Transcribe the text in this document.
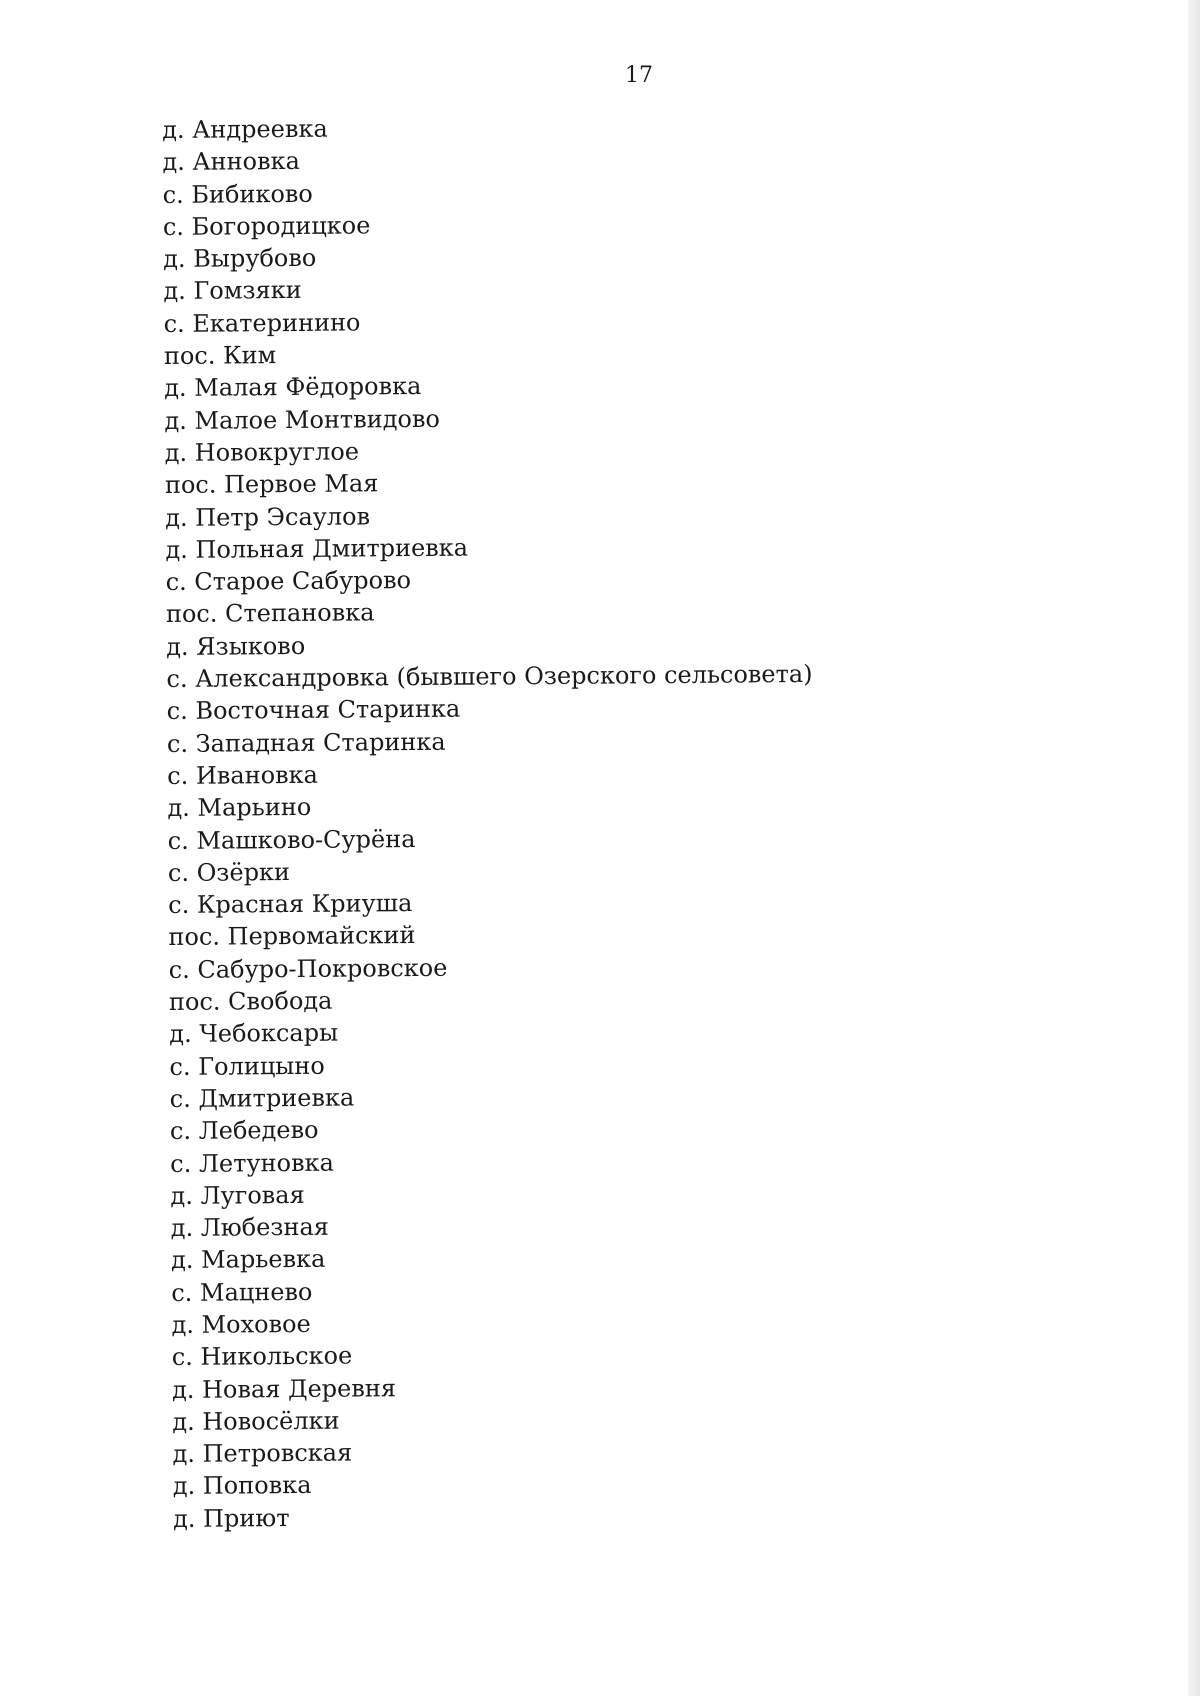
17
д. Андреевка
д. Анновка
с. Бибиково
с. Богородицкое
д. Вырубово
д. Гомзяки
с. Екатеринино
пос. Ким
д. Малая Фёдоровка
д. Малое Монтвидово
д. Новокруглое
пос. Первое Мая
д. Петр Эсаулов
д. Польная Дмитриевка
с. Старое Сабурово
пос. Степановка
д. Языково
с. Александровка (бывшего Озерского сельсовета)
с. Восточная Старинка
с. Западная Старинка
с. Ивановка
д. Марьино
с. Машково-Сурёна
с. Озёрки
с. Красная Криуша
пос. Первомайский
с. Сабуро-Покровское
пос. Свобода
д. Чебоксары
с. Голицыно
с. Дмитриевка
с. Лебедево
с. Летуновка
д. Луговая
д. Любезная
д. Марьевка
с. Мацнево
д. Моховое
с. Никольское
д. Новая Деревня
д. Новосёлки
д. Петровская
д. Поповка
д. Приют
